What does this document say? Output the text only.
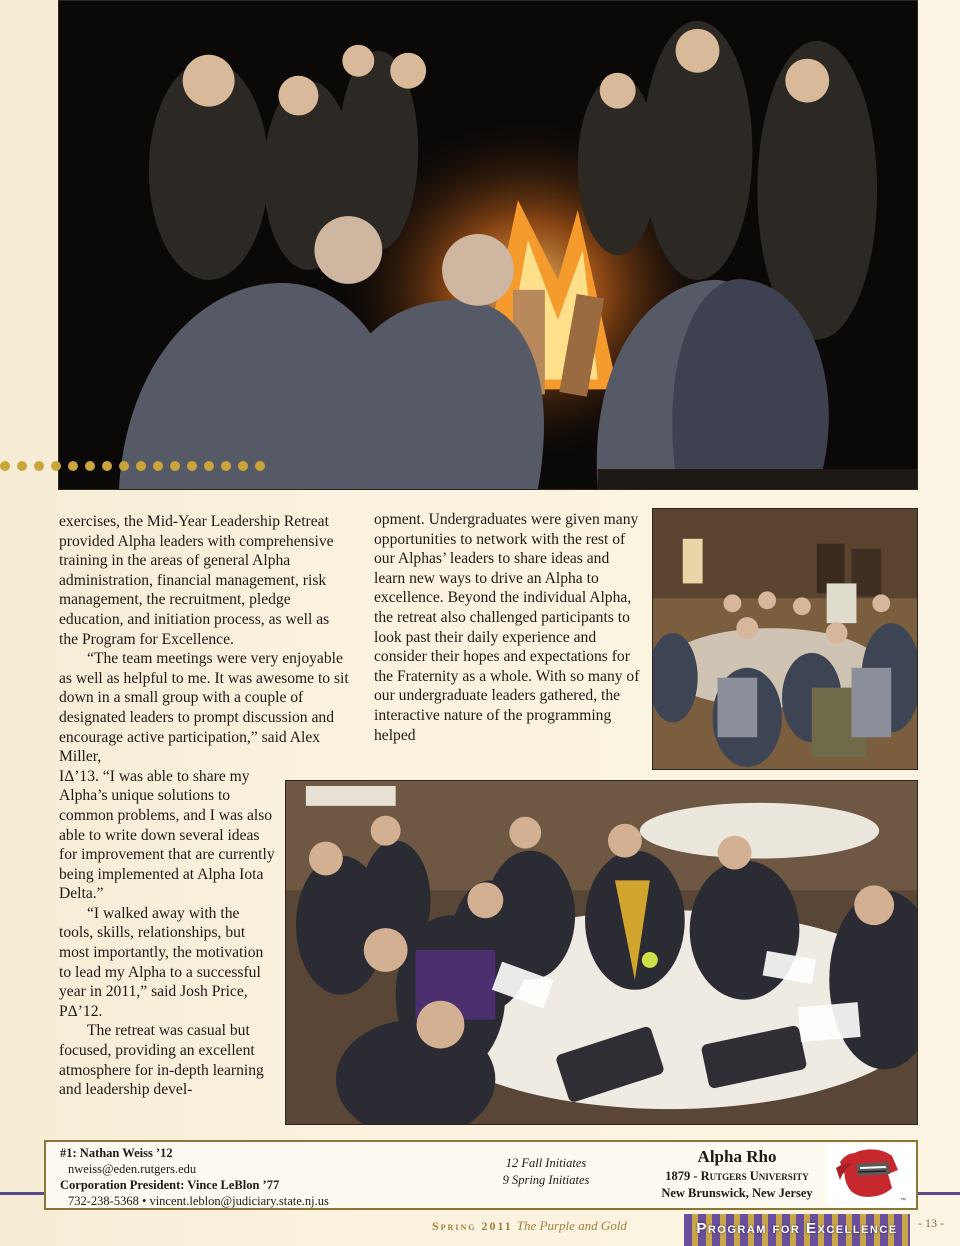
exercises, the Mid-Year Leadership Retreat provided Alpha leaders with comprehensive training in the areas of general Alpha administration, financial management, risk management, the recruitment, pledge education, and initiation process, as well as the Program for Excellence.

“The team meetings were very enjoyable as well as helpful to me. It was awesome to sit down in a small group with a couple of designated leaders to prompt discussion and encourage active participation,” said Alex Miller,

IΔ’13. “I was able to share my Alpha’s unique solutions to common problems, and I was also able to write down several ideas for improvement that are currently being implemented at Alpha Iota Delta.”

“I walked away with the tools, skills, relationships, but most importantly, the motivation to lead my Alpha to a successful year in 2011,” said Josh Price, PΔ’12.

The retreat was casual but focused, providing an excellent atmosphere for in-depth learning and leadership devel-

opment. Undergraduates were given many opportunities to network with the rest of our Alphas’ leaders to share ideas and learn new ways to drive an Alpha to excellence. Beyond the individual Alpha, the retreat also challenged participants to look past their daily experience and consider their hopes and expectations for the Fraternity as a whole. With so many of our undergraduate leaders gathered, the interactive nature of the programming helped

#1: Nathan Weiss ’12
nweiss@eden.rutgers.edu
Corporation President: Vince LeBlon ’77
732-238-5368 • vincent.leblon@judiciary.state.nj.us
12 Fall Initiates
9 Spring Initiates
Alpha Rho
1879 - Rutgers University
New Brunswick, New Jersey
™
Spring 2011 The Purple and Gold	Program for Excellence	- 13 -
